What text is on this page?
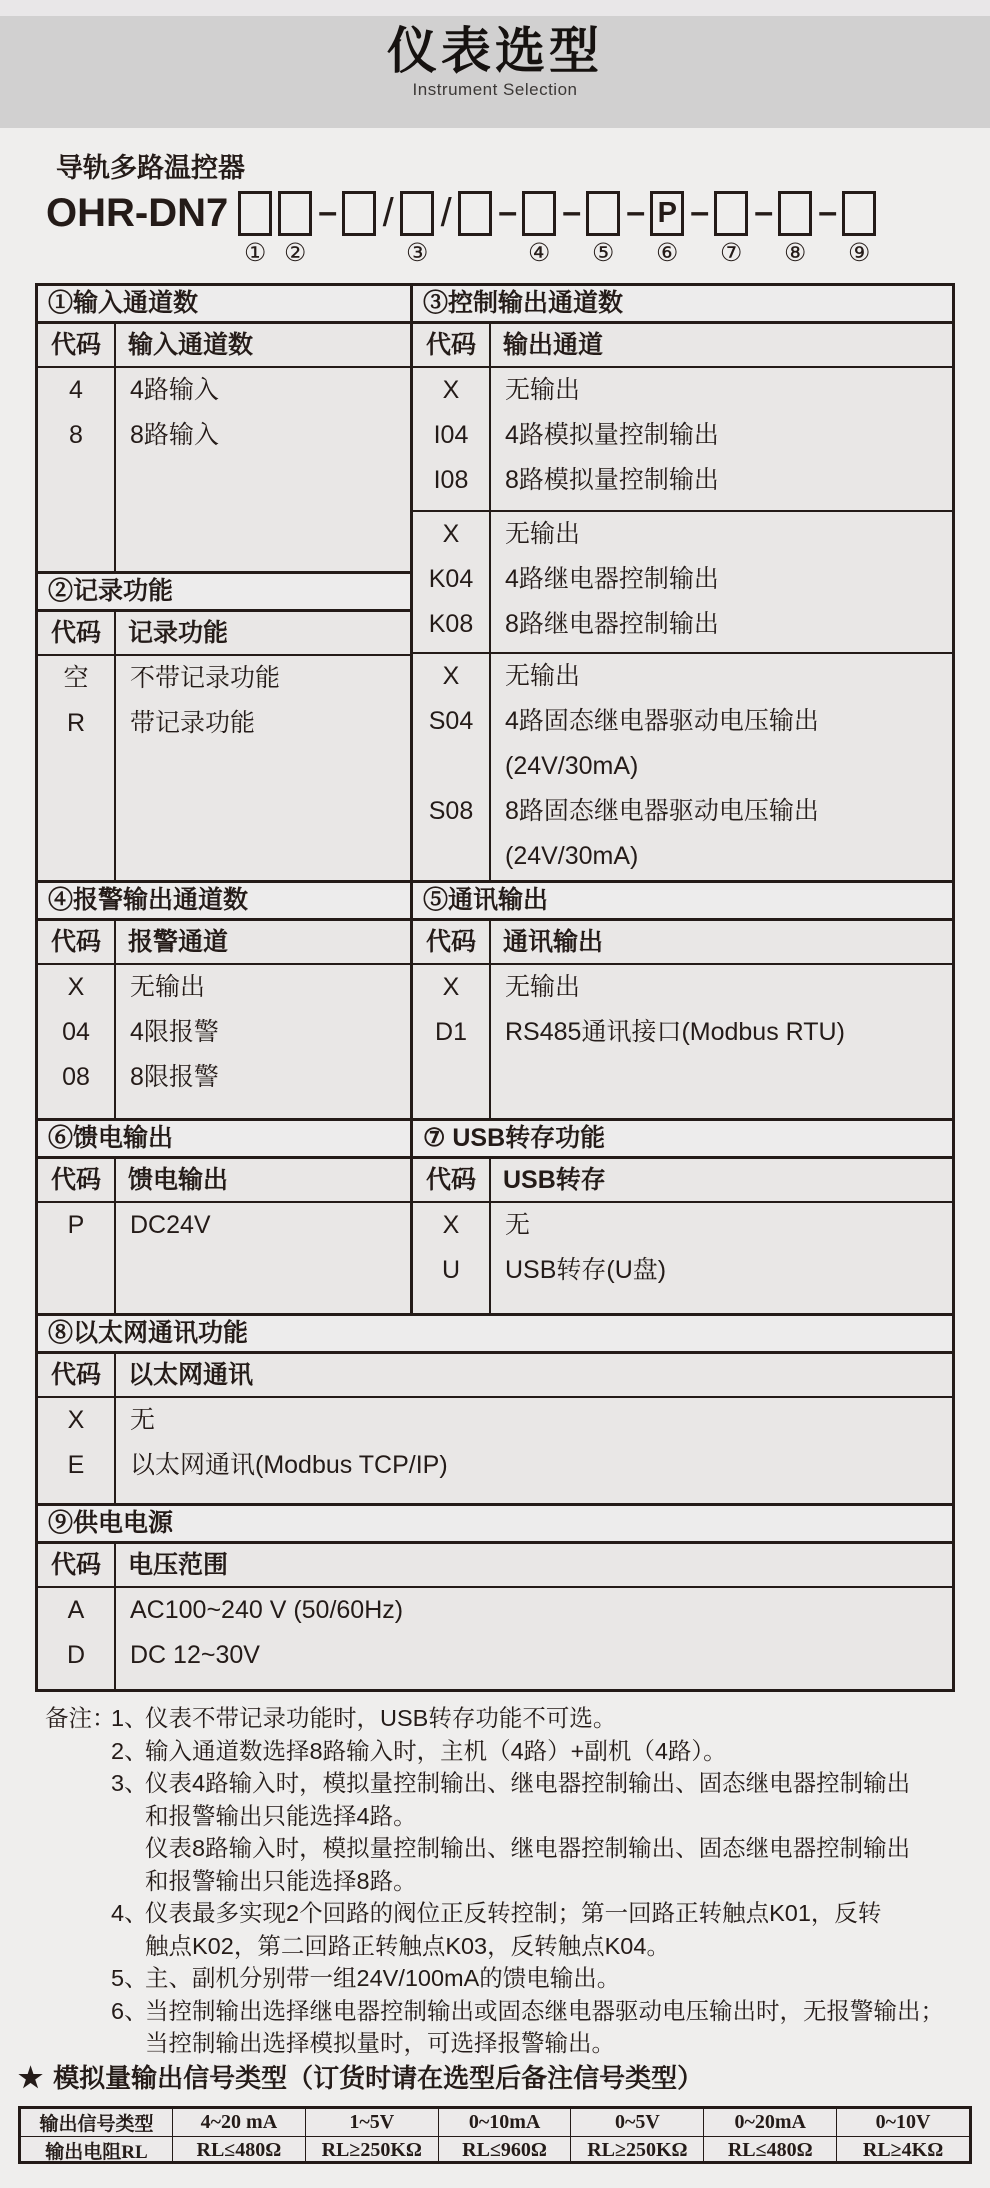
仪表选型
Instrument Selection
导轨多路温控器
OHR-DN7
① ②
– /
③
/ –
④
–
⑤
– P
⑥
–
⑦
–
⑧
–
⑨
①输入通道数
代码	输入通道数
4	4路输入
8	8路输入
②记录功能
代码	记录功能
空	不带记录功能
R	带记录功能
③控制输出通道数
代码	输出通道
X	无输出
I04	4路模拟量控制输出
I08	8路模拟量控制输出
X	无输出
K04	4路继电器控制输出
K08	8路继电器控制输出
X	无输出
S04	4路固态继电器驱动电压输出
(24V/30mA)
S08	8路固态继电器驱动电压输出
(24V/30mA)
④报警输出通道数
代码	报警通道
X	无输出
04	4限报警
08	8限报警
⑤通讯输出
代码	通讯输出
X	无输出
D1	RS485通讯接口(Modbus RTU)
⑥馈电输出
代码	馈电输出
P	DC24V
⑦ USB转存功能
代码	USB转存
X	无
U	USB转存(U盘)
⑧以太网通讯功能
代码	以太网通讯
X	无
E	以太网通讯(Modbus TCP/IP)
⑨供电电源
代码	电压范围
A	AC100~240 V (50/60Hz)
D	DC 12~30V
备注：1、仪表不带记录功能时，USB转存功能不可选。
2、输入通道数选择8路输入时，主机（4路）+副机（4路）。
3、仪表4路输入时，模拟量控制输出、继电器控制输出、固态继电器控制输出
和报警输出只能选择4路。
仪表8路输入时，模拟量控制输出、继电器控制输出、固态继电器控制输出
和报警输出只能选择8路。
4、仪表最多实现2个回路的阀位正反转控制；第一回路正转触点K01，反转
触点K02，第二回路正转触点K03，反转触点K04。
5、主、副机分别带一组24V/100mA的馈电输出。
6、当控制输出选择继电器控制输出或固态继电器驱动电压输出时，无报警输出；
当控制输出选择模拟量时，可选择报警输出。
★ 模拟量输出信号类型（订货时请在选型后备注信号类型）
输出信号类型	4~20 mA	1~5V	0~10mA	0~5V	0~20mA	0~10V
输出电阻RL	RL≤480Ω	RL≥250KΩ	RL≤960Ω	RL≥250KΩ	RL≤480Ω	RL≥4KΩ
